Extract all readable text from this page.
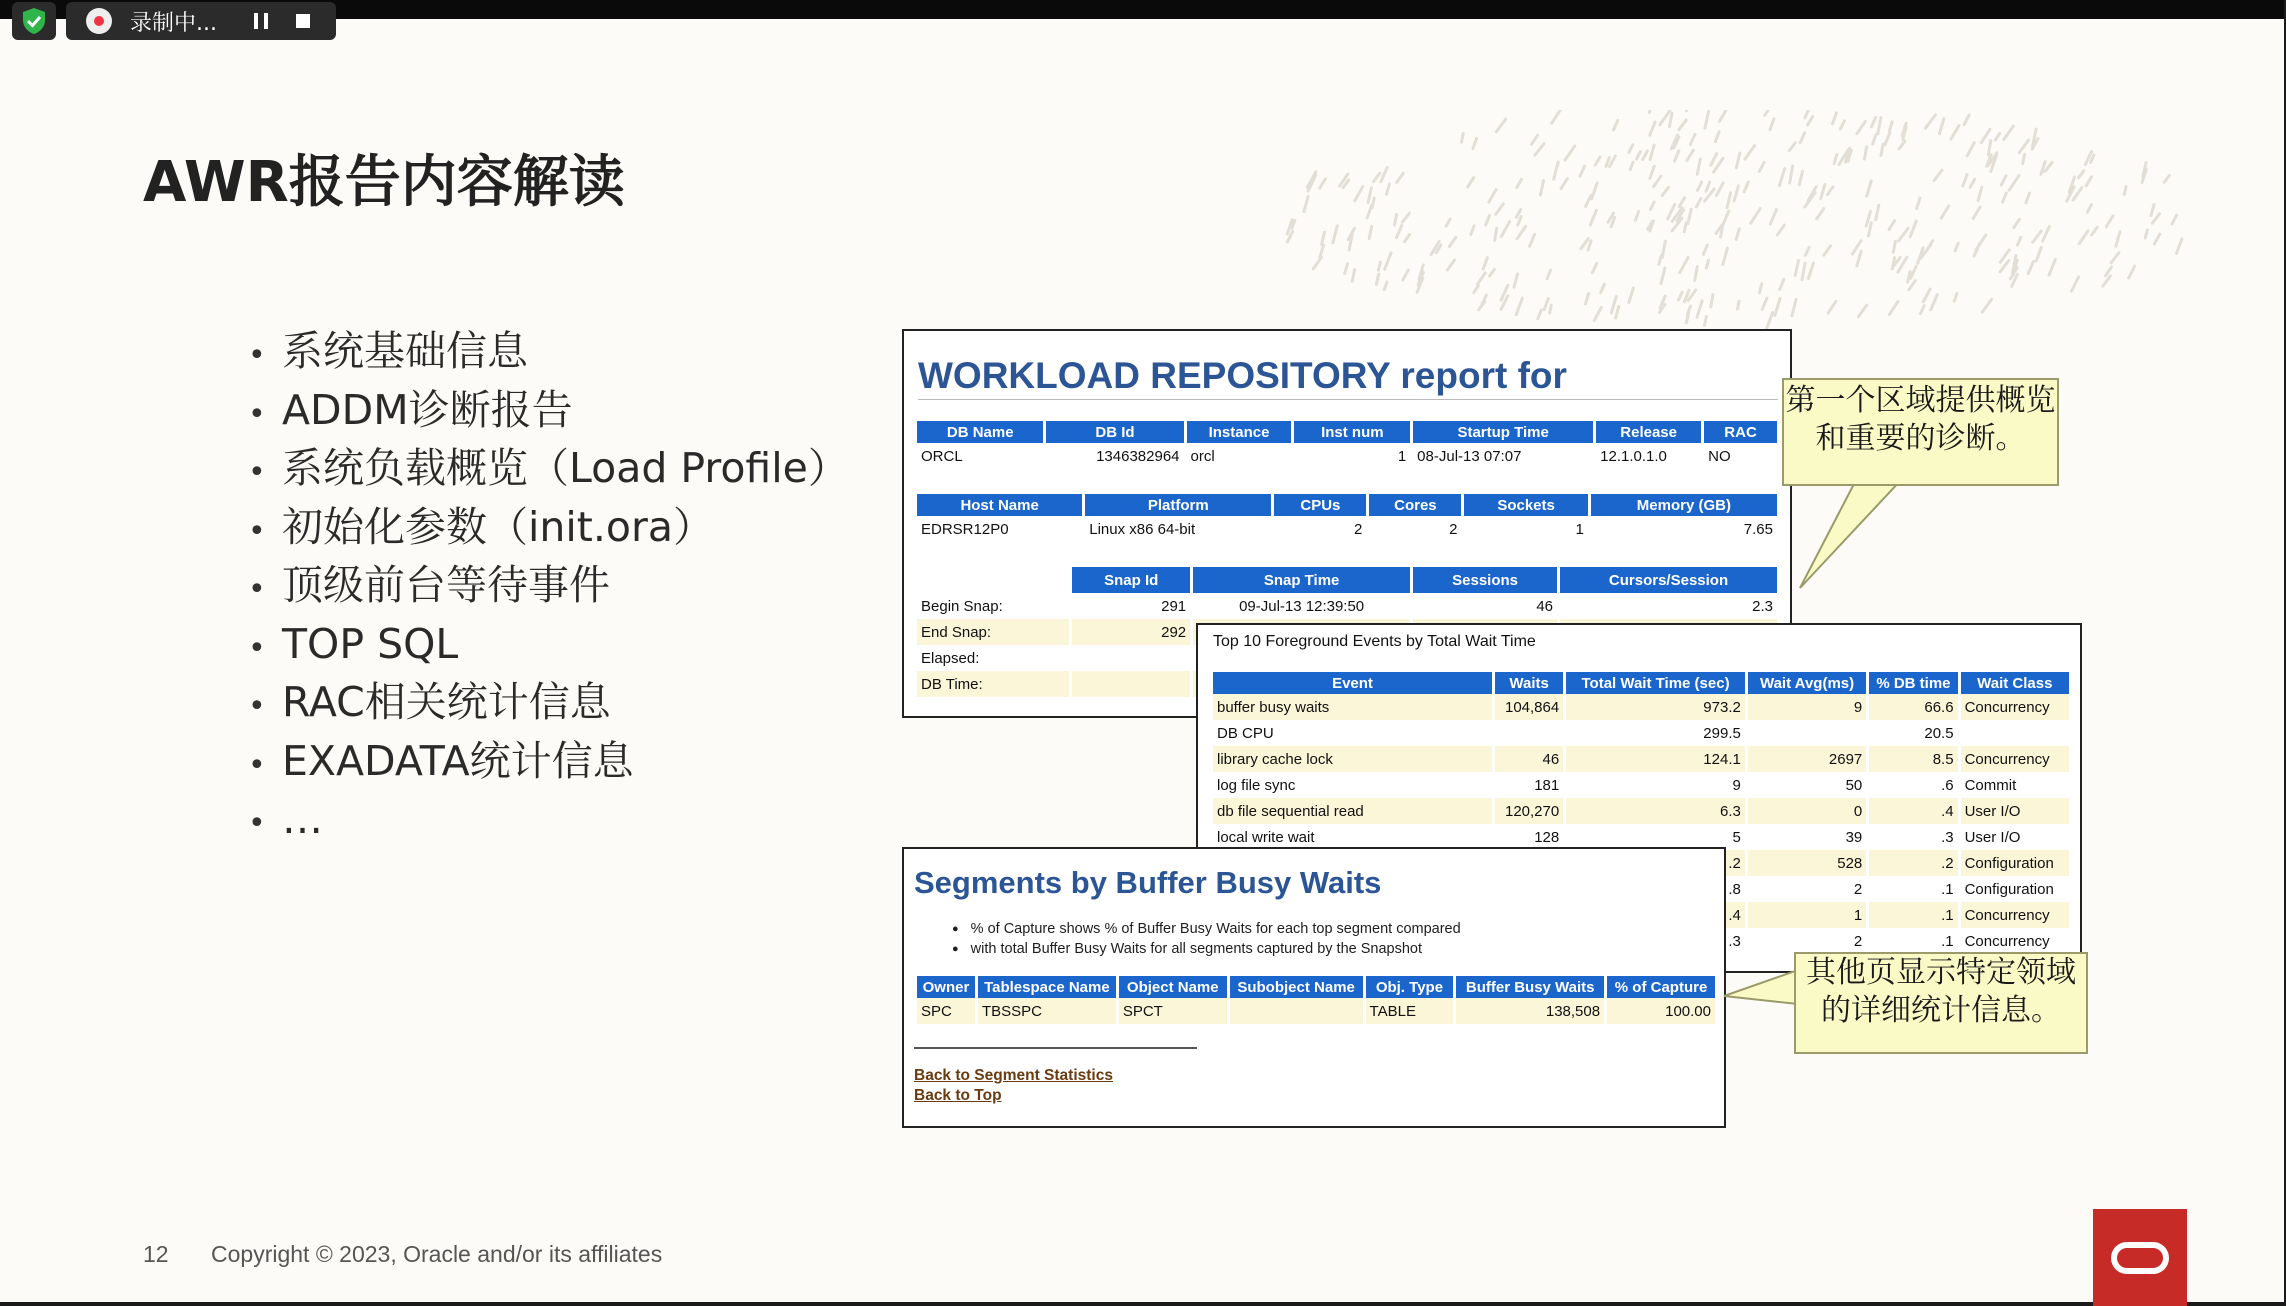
录制中...
AWR报告内容解读
• 系统基础信息
• ADDM诊断报告
• 系统负载概览（Load Profile）
• 初始化参数（init.ora）
• 顶级前台等待事件
• TOP SQL
• RAC相关统计信息
• EXADATA统计信息
• …
WORKLOAD REPOSITORY report for
DB Name	DB Id	Instance	Inst num	Startup Time	Release	RAC
ORCL	1346382964	orcl	1	08-Jul-13 07:07	12.1.0.1.0	NO
Host Name	Platform	CPUs	Cores	Sockets	Memory (GB)
EDRSR12P0	Linux x86 64-bit	2	2	1	7.65
	Snap Id	Snap Time	Sessions	Cursors/Session
Begin Snap:	291	09-Jul-13 12:39:50	46	2.3
End Snap:	292			
Elapsed:				
DB Time:				
Top 10 Foreground Events by Total Wait Time
Event	Waits	Total Wait Time (sec)	Wait Avg(ms)	% DB time	Wait Class
buffer busy waits	104,864	973.2	9	66.6	Concurrency
DB CPU		299.5		20.5	
library cache lock	46	124.1	2697	8.5	Concurrency
log file sync	181	9	50	.6	Commit
db file sequential read	120,270	6.3	0	.4	User I/O
local write wait	128	5	39	.3	User I/O
		.2	528	.2	Configuration
		.8	2	.1	Configuration
		.4	1	.1	Concurrency
		.3	2	.1	Concurrency
Segments by Buffer Busy Waits
● % of Capture shows % of Buffer Busy Waits for each top segment compared
● with total Buffer Busy Waits for all segments captured by the Snapshot
Owner	Tablespace Name	Object Name	Subobject Name	Obj. Type	Buffer Busy Waits	% of Capture
SPC	TBSSPC	SPCT		TABLE	138,508	100.00
Back to Segment Statistics
Back to Top
第一个区域提供概览和重要的诊断。
其他页显示特定领域的详细统计信息。
12 Copyright © 2023, Oracle and/or its affiliates
